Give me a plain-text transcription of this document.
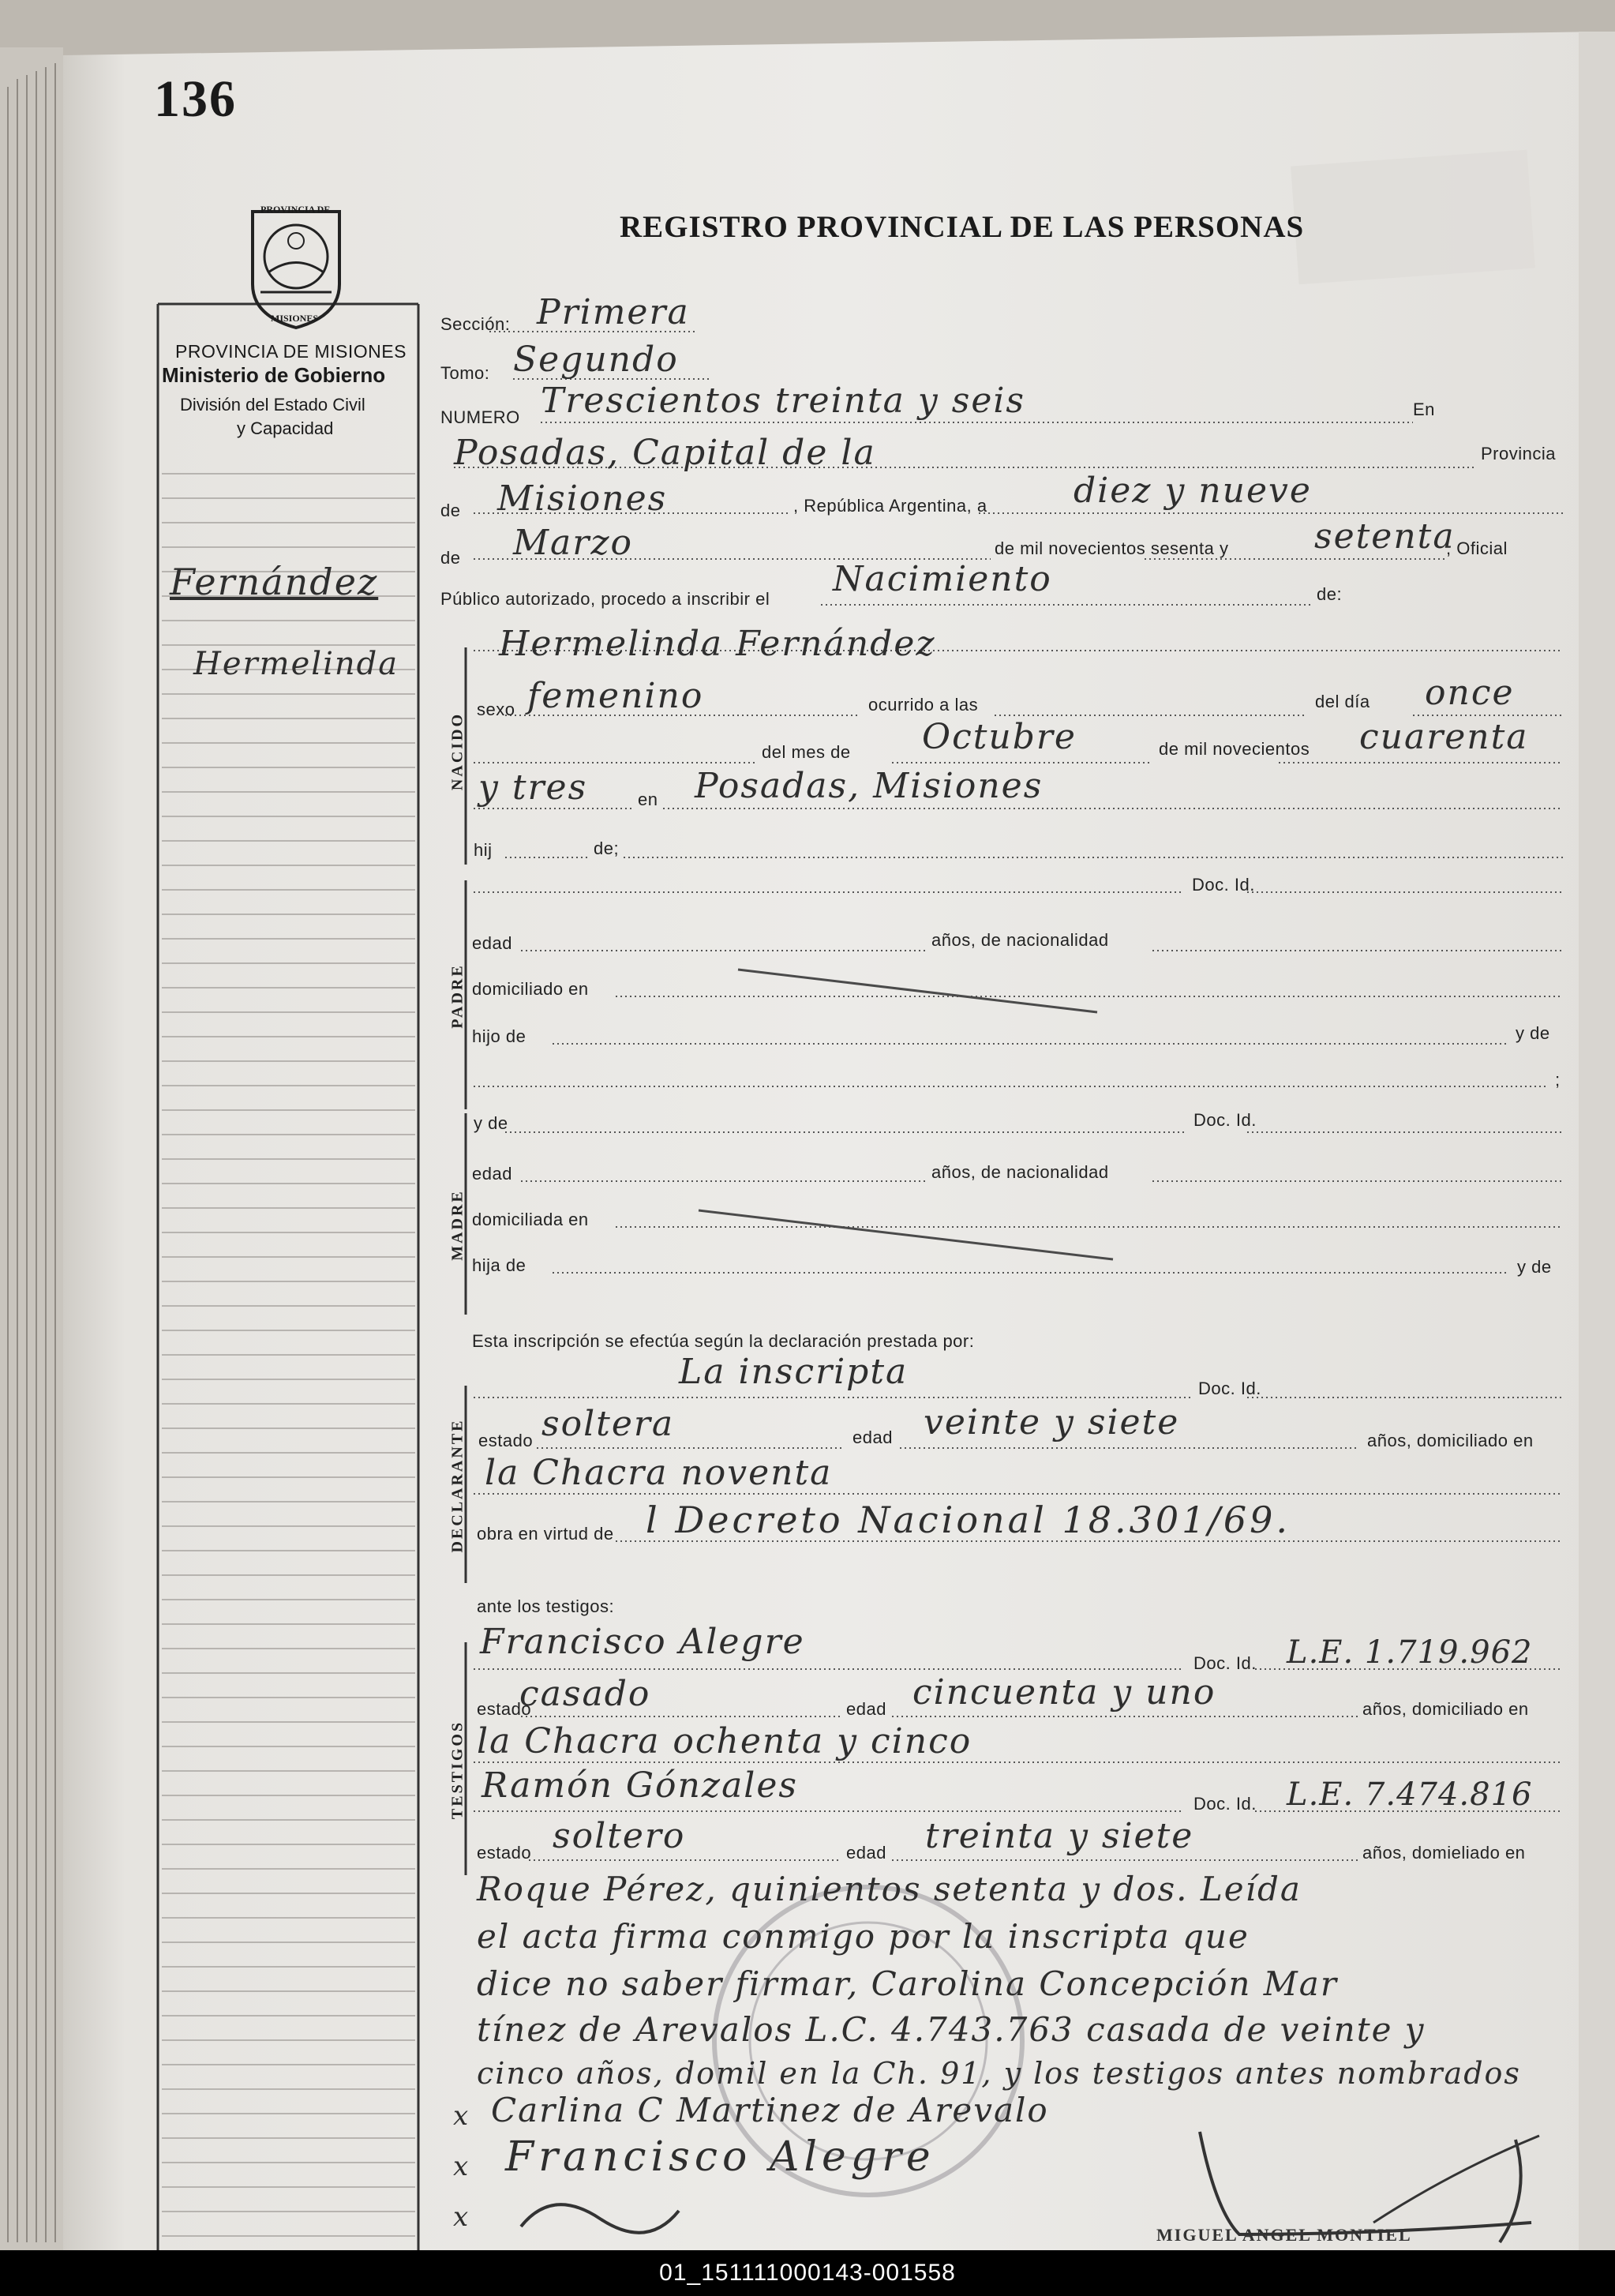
136
PROVINCIA DE
MISIONES
REGISTRO PROVINCIAL DE LAS PERSONAS
PROVINCIA DE MISIONES
Ministerio de Gobierno
División del Estado Civil
y Capacidad
Fernández
Hermelinda
Sección: Primera
Tomo: Segundo
NUMERO Trescientos treinta y seis	En
Posadas, Capital de la	Provincia
de Misiones	, República Argentina, a diez y nueve
de Marzo	de mil novecientos sesenta y setenta
, Oficial
Público autorizado, procedo a inscribir el Nacimiento	de:
Hermelinda Fernández
NACIDO
sexo femenino	ocurrido a las	del día once
del mes de Octubre	de mil novecientos cuarenta
y tres	en Posadas, Misiones
hij	de;
Doc. Id.
PADRE
edad	años, de nacionalidad
domiciliado en
hijo de	y de
;
y de	Doc. Id.
MADRE
edad	años, de nacionalidad
domiciliada en
hija de	y de
Esta inscripción se efectúa según la declaración prestada por:
La inscripta	Doc. Id.
DECLARANTE estado soltera	edad veinte y siete	años, domiciliado en
la Chacra noventa
obra en virtud de l Decreto Nacional 18.301/69.
ante los testigos:
Francisco Alegre
Doc. Id. L.E. 1.719.962
TESTIGOS
estado
casado	edad cincuenta y uno	años, domiciliado en
la Chacra ochenta y cinco
Ramón Gónzales	Doc. Id. L.E. 7.474.816
estado soltero	edad treinta y siete	años, domieliado en
Roque Pérez, quinientos setenta y dos. Leída
el acta firma conmigo por la inscripta que
dice no saber firmar, Carolina Concepción Mar
tínez de Arevalos L.C. 4.743.763 casada de veinte y
cinco años, domil en la Ch. 91, y los testigos antes nombrados
x Carlina C Martinez de Arevalo
x Francisco Alegre
x
MIGUEL ANGEL MONTIEL
01_151111000143-001558
